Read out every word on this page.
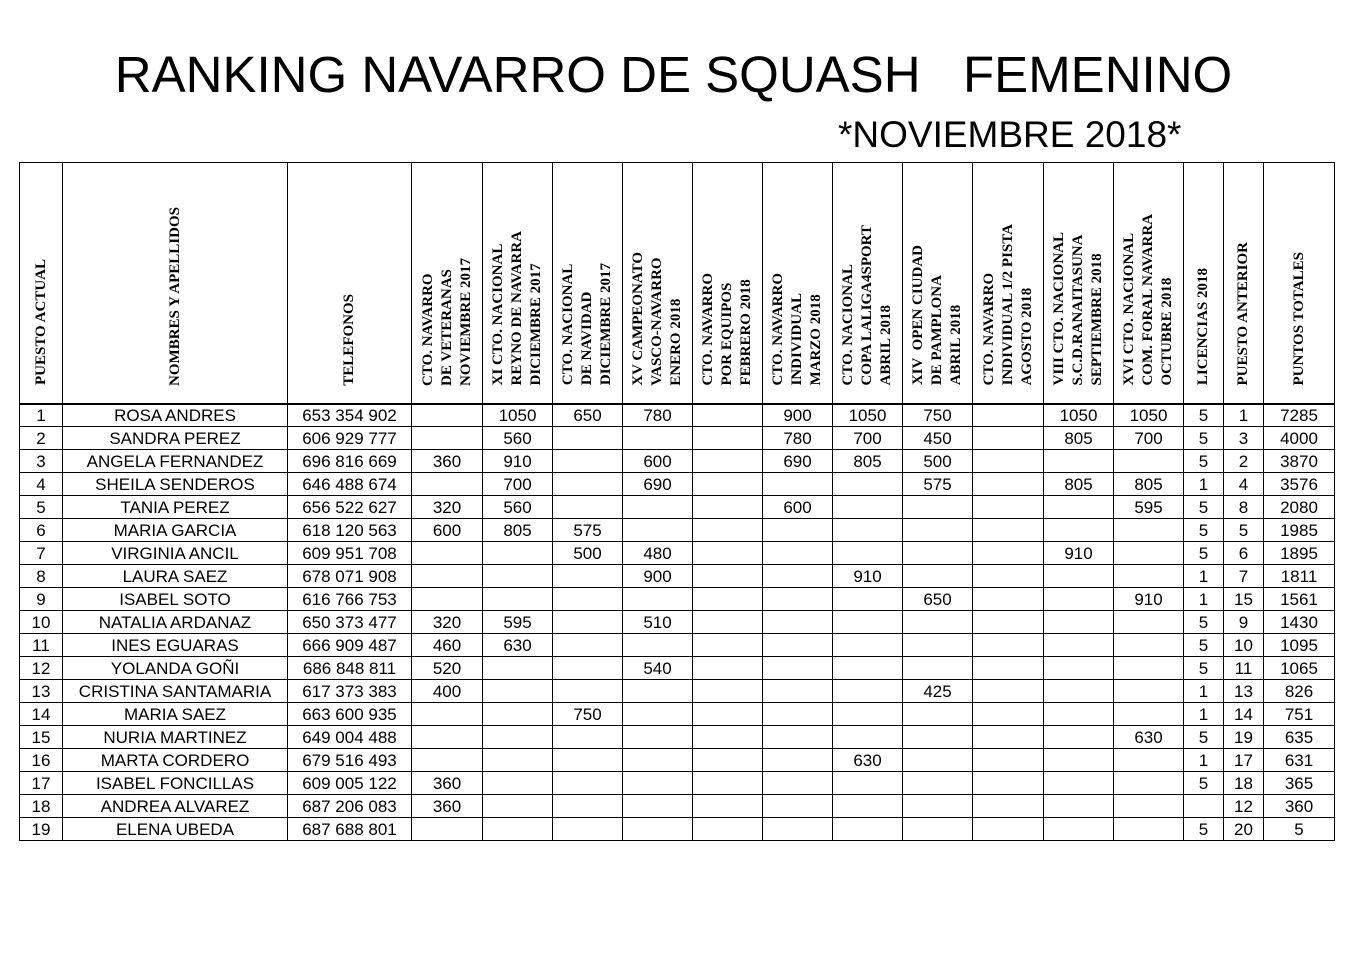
RANKING NAVARRO DE SQUASH   FEMENINO
*NOVIEMBRE 2018*
PUESTO ACTUAL	NOMBRES Y APELLIDOS	TELEFONOS	CTO. NAVARRO
DE VETERANAS
NOVIEMBRE 2017	XI CTO. NACIONAL
REYNO DE NAVARRA
DICIEMBRE 2017	CTO. NACIONAL
DE NAVIDAD
DICIEMBRE 2017	XV CAMPEONATO
VASCO-NAVARRO
ENERO 2018	CTO. NAVARRO
POR EQUIPOS
FEBRERO 2018	CTO. NAVARRO
INDIVIDUAL
MARZO 2018	CTO. NACIONAL
COPA LALIGA4SPORT
ABRIL 2018	XIV  OPEN CIUDAD
DE PAMPLONA
ABRIL 2018	CTO. NAVARRO
INDIVIDUAL 1/2 PISTA
AGOSTO 2018	VIII CTO. NACIONAL
S.C.D.RANAITASUNA
SEPTIEMBRE 2018	XVI CTO. NACIONAL
COM. FORAL NAVARRA
OCTUBRE 2018	LICENCIAS 2018	PUESTO ANTERIOR	PUNTOS TOTALES
1	ROSA ANDRES	653 354 902		1050	650	780		900	1050	750		1050	1050	5	1	7285
2	SANDRA PEREZ	606 929 777		560				780	700	450		805	700	5	3	4000
3	ANGELA FERNANDEZ	696 816 669	360	910		600		690	805	500				5	2	3870
4	SHEILA SENDEROS	646 488 674		700		690				575		805	805	1	4	3576
5	TANIA PEREZ	656 522 627	320	560				600					595	5	8	2080
6	MARIA GARCIA	618 120 563	600	805	575									5	5	1985
7	VIRGINIA ANCIL	609 951 708			500	480						910		5	6	1895
8	LAURA SAEZ	678 071 908				900			910					1	7	1811
9	ISABEL SOTO	616 766 753								650			910	1	15	1561
10	NATALIA ARDANAZ	650 373 477	320	595		510								5	9	1430
11	INES EGUARAS	666 909 487	460	630										5	10	1095
12	YOLANDA GOÑI	686 848 811	520			540								5	11	1065
13	CRISTINA SANTAMARIA	617 373 383	400							425				1	13	826
14	MARIA SAEZ	663 600 935			750									1	14	751
15	NURIA MARTINEZ	649 004 488											630	5	19	635
16	MARTA CORDERO	679 516 493							630					1	17	631
17	ISABEL FONCILLAS	609 005 122	360											5	18	365
18	ANDREA ALVAREZ	687 206 083	360												12	360
19	ELENA UBEDA	687 688 801												5	20	5
